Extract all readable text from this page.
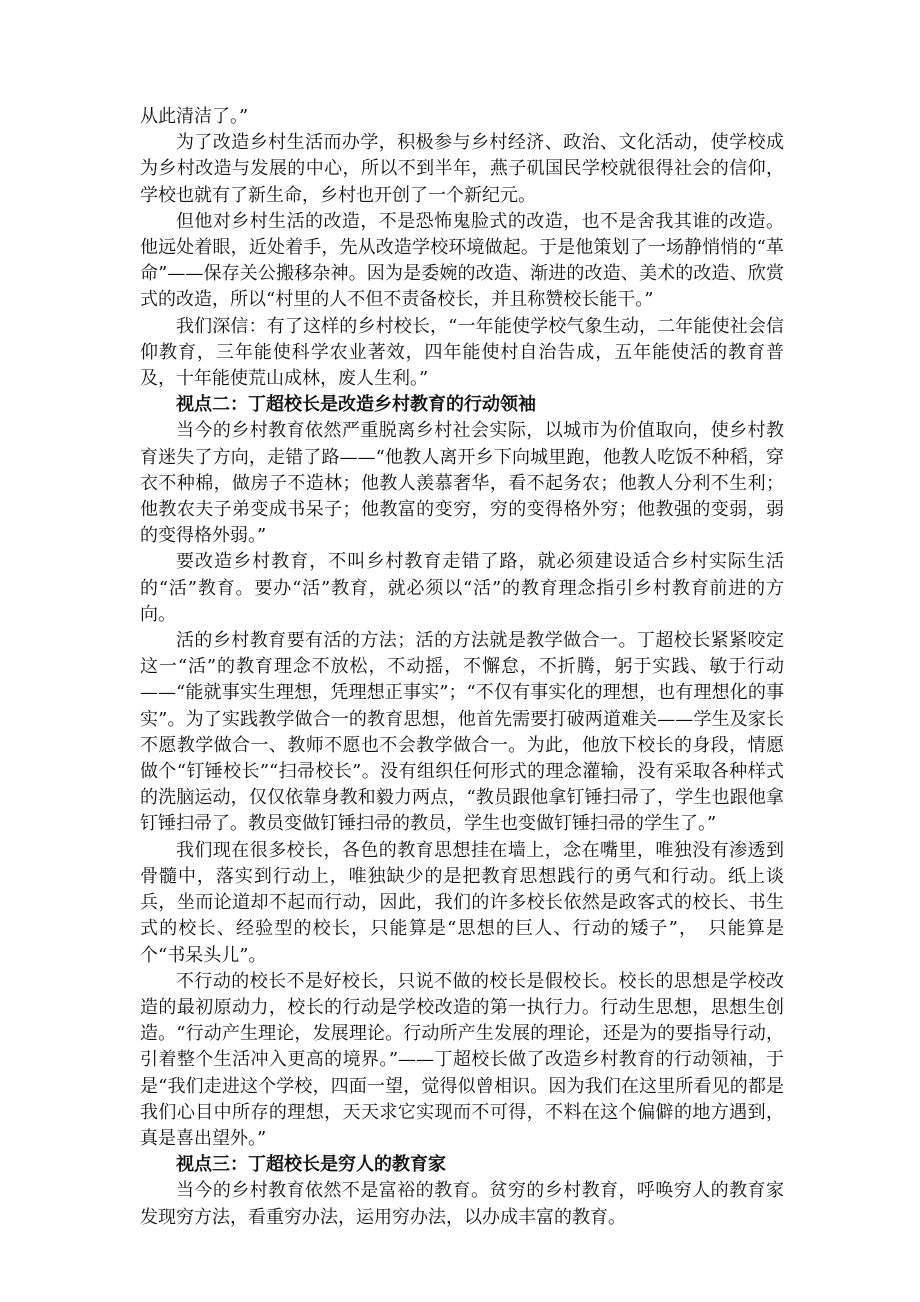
从此清洁了。”

为了改造乡村生活而办学，积极参与乡村经济、政治、文化活动，使学校成为乡村改造与发展的中心，所以不到半年，燕子矶国民学校就很得社会的信仰，学校也就有了新生命，乡村也开创了一个新纪元。

但他对乡村生活的改造，不是恐怖鬼脸式的改造，也不是舍我其谁的改造。他远处着眼，近处着手，先从改造学校环境做起。于是他策划了一场静悄悄的“革命”——保存关公搬移杂神。因为是委婉的改造、渐进的改造、美术的改造、欣赏式的改造，所以“村里的人不但不责备校长，并且称赞校长能干。”

我们深信：有了这样的乡村校长，“一年能使学校气象生动，二年能使社会信仰教育，三年能使科学农业著效，四年能使村自治告成，五年能使活的教育普及，十年能使荒山成林，废人生利。”

视点二：丁超校长是改造乡村教育的行动领袖

当今的乡村教育依然严重脱离乡村社会实际，以城市为价值取向，使乡村教育迷失了方向，走错了路——“他教人离开乡下向城里跑，他教人吃饭不种稻，穿衣不种棉，做房子不造林；他教人羡慕奢华，看不起务农；他教人分利不生利；他教农夫子弟变成书呆子；他教富的变穷，穷的变得格外穷；他教强的变弱，弱的变得格外弱。”

要改造乡村教育，不叫乡村教育走错了路，就必须建设适合乡村实际生活的“活”教育。要办“活”教育，就必须以“活”的教育理念指引乡村教育前进的方向。

活的乡村教育要有活的方法；活的方法就是教学做合一。丁超校长紧紧咬定这一“活”的教育理念不放松，不动摇，不懈怠，不折腾，躬于实践、敏于行动——“能就事实生理想，凭理想正事实”；“不仅有事实化的理想，也有理想化的事实”。为了实践教学做合一的教育思想，他首先需要打破两道难关——学生及家长不愿教学做合一、教师不愿也不会教学做合一。为此，他放下校长的身段，情愿做个“钉锤校长”“扫帚校长”。没有组织任何形式的理念灌输，没有采取各种样式的洗脑运动，仅仅依靠身教和毅力两点，“教员跟他拿钉锤扫帚了，学生也跟他拿钉锤扫帚了。教员变做钉锤扫帚的教员，学生也变做钉锤扫帚的学生了。”

我们现在很多校长，各色的教育思想挂在墙上，念在嘴里，唯独没有渗透到骨髓中，落实到行动上，唯独缺少的是把教育思想践行的勇气和行动。纸上谈兵，坐而论道却不起而行动，因此，我们的许多校长依然是政客式的校长、书生式的校长、经验型的校长，只能算是“思想的巨人、行动的矮子”，　只能算是个“书呆头儿”。

不行动的校长不是好校长，只说不做的校长是假校长。校长的思想是学校改造的最初原动力，校长的行动是学校改造的第一执行力。行动生思想，思想生创造。“行动产生理论，发展理论。行动所产生发展的理论，还是为的要指导行动，引着整个生活冲入更高的境界。”——丁超校长做了改造乡村教育的行动领袖，于是“我们走进这个学校，四面一望，觉得似曾相识。因为我们在这里所看见的都是我们心目中所存的理想，天天求它实现而不可得，不料在这个偏僻的地方遇到，真是喜出望外。”

视点三：丁超校长是穷人的教育家

当今的乡村教育依然不是富裕的教育。贫穷的乡村教育，呼唤穷人的教育家发现穷方法，看重穷办法，运用穷办法，以办成丰富的教育。
